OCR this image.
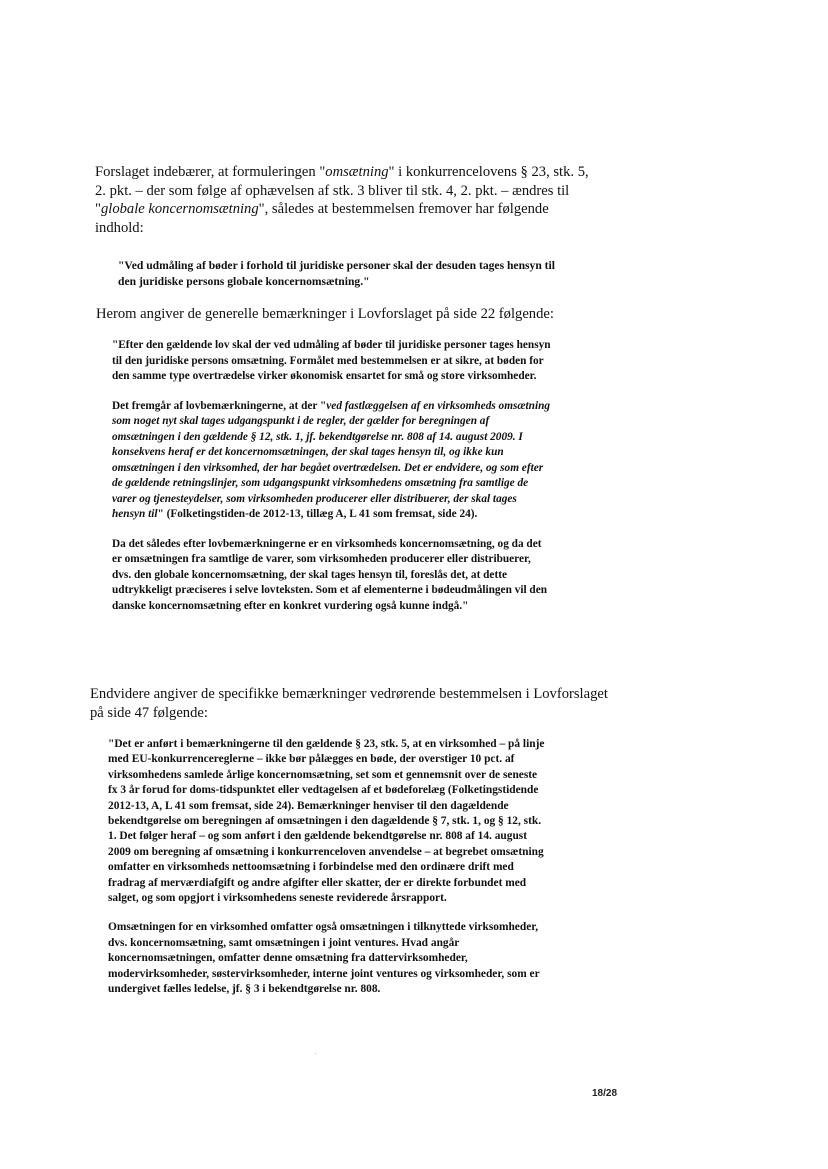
Forslaget indebærer, at formuleringen "omsætning" i konkurrencelovens § 23, stk. 5, 2. pkt. – der som følge af ophævelsen af stk. 3 bliver til stk. 4, 2. pkt. – ændres til "globale koncernomsætning", således at bestemmelsen fremover har følgende indhold:
"Ved udmåling af bøder i forhold til juridiske personer skal der desuden tages hensyn til den juridiske persons globale koncernomsætning."
Herom angiver de generelle bemærkninger i Lovforslaget på side 22 følgende:

"Efter den gældende lov skal der ved udmåling af bøder til juridiske personer tages hensyn til den juridiske persons omsætning. Formålet med bestemmelsen er at sikre, at bøden for den samme type overtrædelse virker økonomisk ensartet for små og store virksomheder.

Det fremgår af lovbemærkningerne, at der "ved fastlæggelsen af en virksomheds omsætning som noget nyt skal tages udgangspunkt i de regler, der gælder for beregningen af omsætningen i den gældende § 12, stk. 1, jf. bekendtgørelse nr. 808 af 14. august 2009. I konsekvens heraf er det koncernomsætningen, der skal tages hensyn til, og ikke kun omsætningen i den virksomhed, der har begået overtrædelsen. Det er endvidere, og som efter de gældende retningslinjer, som udgangspunkt virksomhedens omsætning fra samtlige de varer og tjenesteydelser, som virksomheden producerer eller distribuerer, der skal tages hensyn til" (Folketingstiden-de 2012-13, tillæg A, L 41 som fremsat, side 24).

Da det således efter lovbemærkningerne er en virksomheds koncernomsætning, og da det er omsætningen fra samtlige de varer, som virksomheden producerer eller distribuerer, dvs. den globale koncernomsætning, der skal tages hensyn til, foreslås det, at dette udtrykkeligt præciseres i selve lovteksten. Som et af elementerne i bødeudmålingen vil den danske koncernomsætning efter en konkret vurdering også kunne indgå."

Endvidere angiver de specifikke bemærkninger vedrørende bestemmelsen i Lovforslaget på side 47 følgende:

"Det er anført i bemærkningerne til den gældende § 23, stk. 5, at en virksomhed – på linje med EU-konkurrencereglerne – ikke bør pålægges en bøde, der overstiger 10 pct. af virksomhedens samlede årlige koncernomsætning, set som et gennemsnit over de seneste fx 3 år forud for doms-tidspunktet eller vedtagelsen af et bødeforelæg (Folketingstidende 2012-13, A, L 41 som fremsat, side 24). Bemærkninger henviser til den dagældende bekendtgørelse om beregningen af omsætningen i den dagældende § 7, stk. 1, og § 12, stk. 1. Det følger heraf – og som anført i den gældende bekendtgørelse nr. 808 af 14. august 2009 om beregning af omsætning i konkurrenceloven anvendelse – at begrebet omsætning omfatter en virksomheds nettoomsætning i forbindelse med den ordinære drift med fradrag af merværdiafgift og andre afgifter eller skatter, der er direkte forbundet med salget, og som opgjort i virksomhedens seneste reviderede årsrapport.

Omsætningen for en virksomhed omfatter også omsætningen i tilknyttede virksomheder, dvs. koncernomsætning, samt omsætningen i joint ventures. Hvad angår koncernomsætningen, omfatter denne omsætning fra dattervirksomheder, modervirksomheder, søstervirksomheder, interne joint ventures og virksomheder, som er undergivet fælles ledelse, jf. § 3 i bekendtgørelse nr. 808.

18/28
